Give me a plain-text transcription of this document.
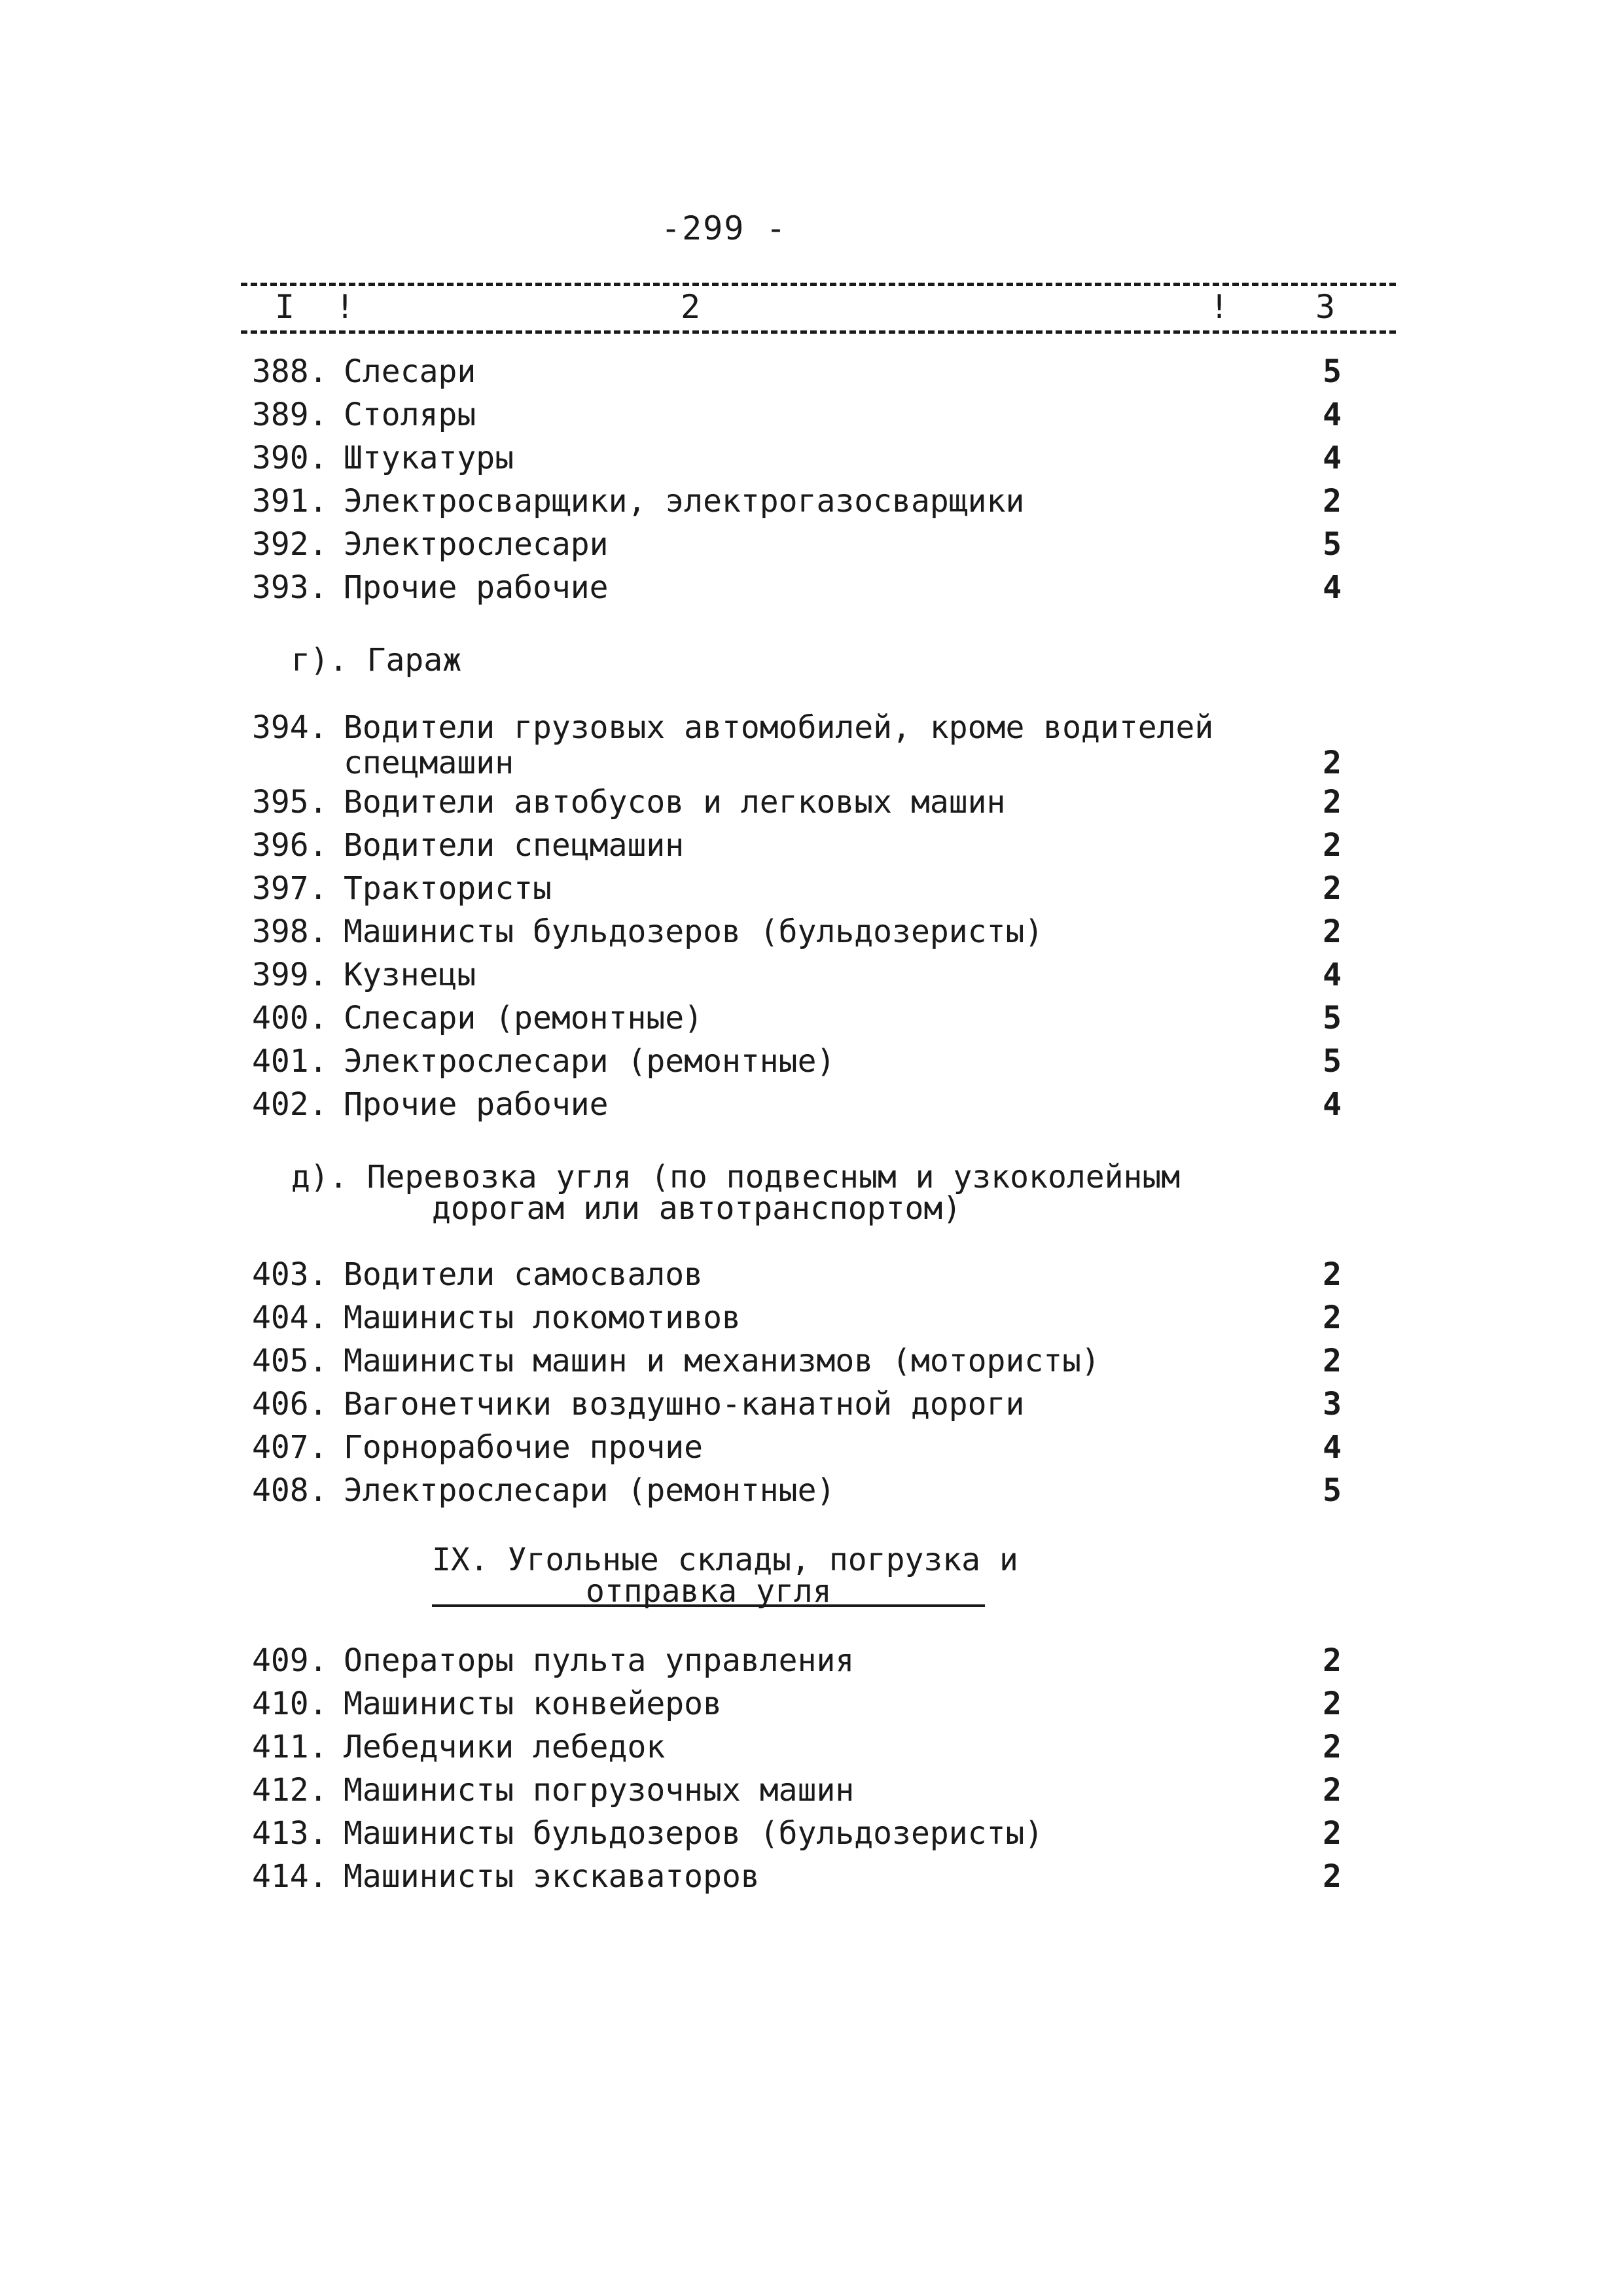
-299 -
I !	2	!	3
388. Слесари	5
389. Столяры	4
390. Штукатуры	4
391. Электросварщики, электрогазосварщики	2
392. Электрослесари	5
393. Прочие рабочие	4
г). Гараж
394. Водители грузовых автомобилей, кроме водителей
спецмашин	2
395. Водители автобусов и легковых машин	2
396. Водители спецмашин	2
397. Трактористы	2
398. Машинисты бульдозеров (бульдозеристы)	2
399. Кузнецы	4
400. Слесари (ремонтные)	5
401. Электрослесари (ремонтные)	5
402. Прочие рабочие	4
д). Перевозка угля (по подвесным и узкоколейным
дорогам или автотранспортом)
403. Водители самосвалов	2
404. Машинисты локомотивов	2
405. Машинисты машин и механизмов (мотористы)	2
406. Вагонетчики воздушно-канатной дороги	3
407. Горнорабочие прочие	4
408. Электрослесари (ремонтные)	5
IX. Угольные склады, погрузка и
отправка угля
409. Операторы пульта управления	2
410. Машинисты конвейеров	2
411. Лебедчики лебедок	2
412. Машинисты погрузочных машин	2
413. Машинисты бульдозеров (бульдозеристы)	2
414. Машинисты экскаваторов	2
